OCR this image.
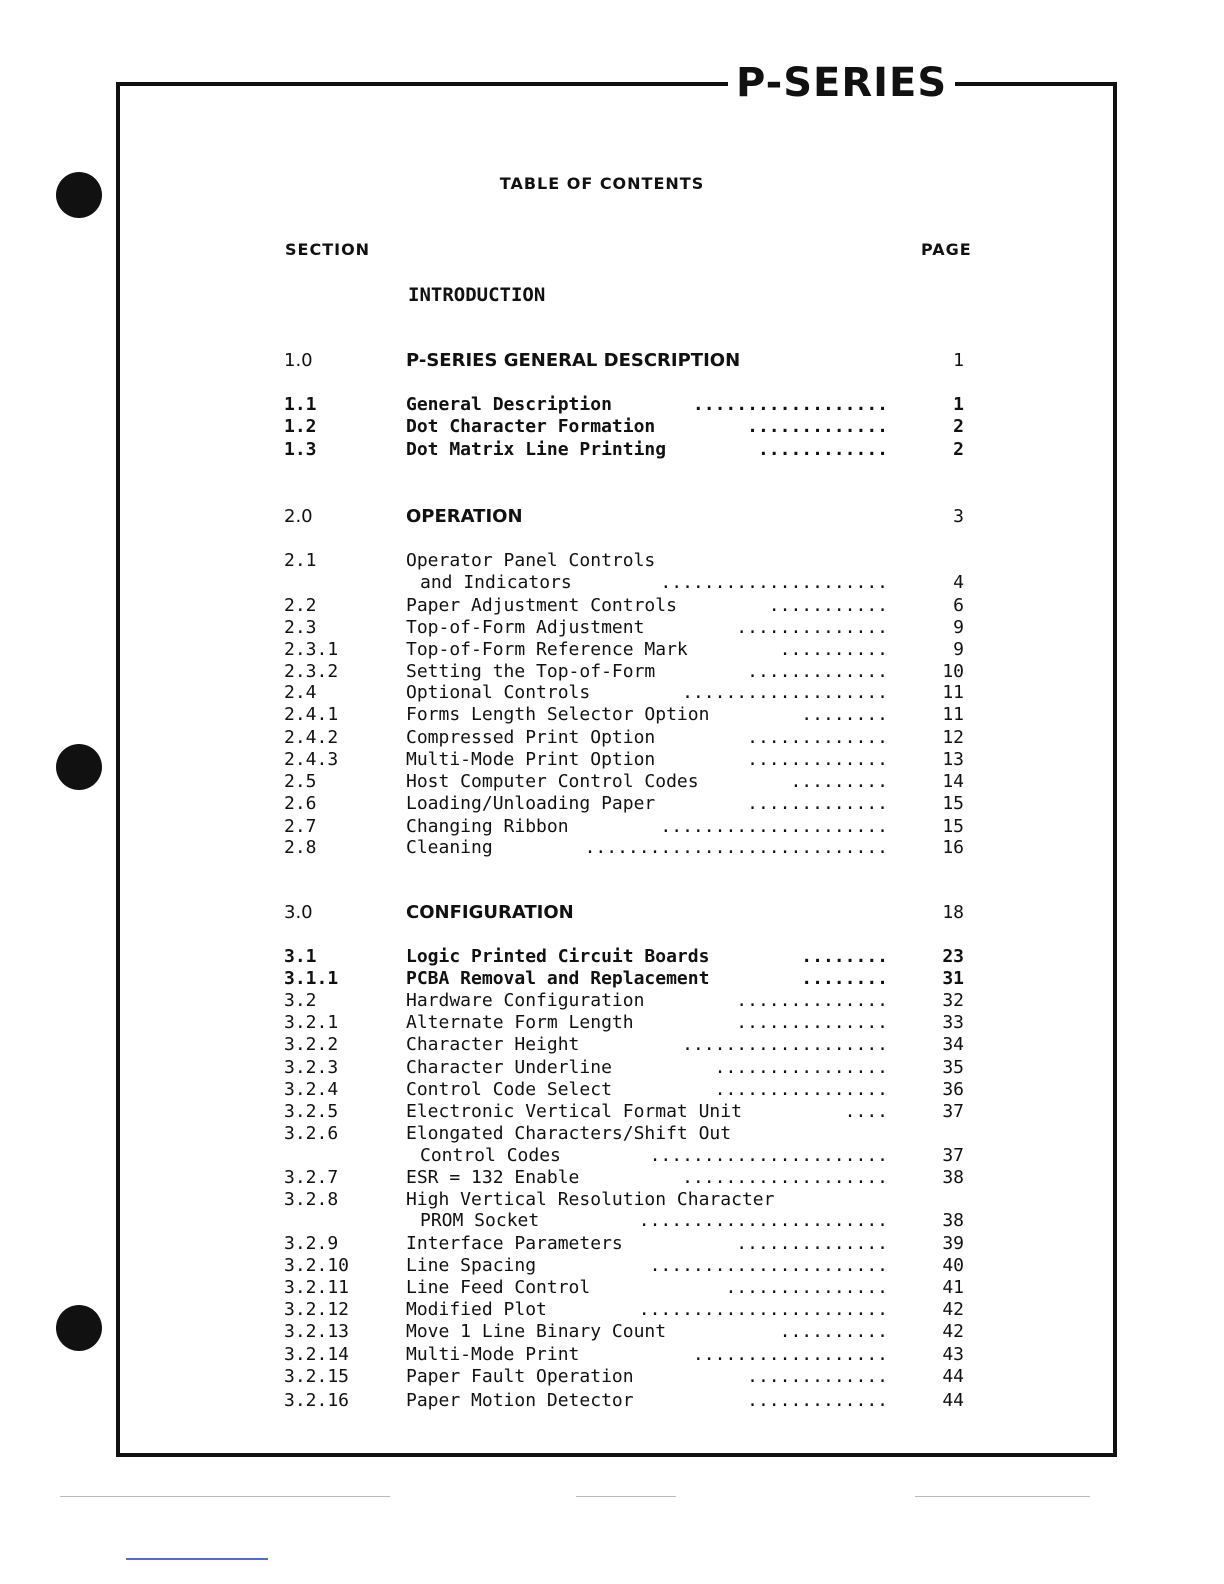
P-SERIES
TABLE OF CONTENTS
SECTION	PAGE
INTRODUCTION
1.0	P-SERIES GENERAL DESCRIPTION	1
1.1	General Description	..................	1
1.2	Dot Character Formation	.............	2
1.3	Dot Matrix Line Printing	............	2
2.0	OPERATION	3
2.1	Operator Panel Controls
and Indicators	.....................	4
2.2	Paper Adjustment Controls	...........	6
2.3	Top-of-Form Adjustment	..............	9
2.3.1	Top-of-Form Reference Mark	..........	9
2.3.2	Setting the Top-of-Form	.............	10
2.4	Optional Controls	...................	11
2.4.1	Forms Length Selector Option	........	11
2.4.2	Compressed Print Option	.............	12
2.4.3	Multi-Mode Print Option	.............	13
2.5	Host Computer Control Codes	.........	14
2.6	Loading/Unloading Paper	.............	15
2.7	Changing Ribbon	.....................	15
2.8	Cleaning	............................	16
3.0	CONFIGURATION	18
3.1	Logic Printed Circuit Boards	........	23
3.1.1	PCBA Removal and Replacement	........	31
3.2	Hardware Configuration	..............	32
3.2.1	Alternate Form Length	..............	33
3.2.2	Character Height	...................	34
3.2.3	Character Underline	................	35
3.2.4	Control Code Select	................	36
3.2.5	Electronic Vertical Format Unit	....	37
3.2.6	Elongated Characters/Shift Out
Control Codes	......................	37
3.2.7	ESR = 132 Enable	...................	38
3.2.8	High Vertical Resolution Character
PROM Socket	.......................	38
3.2.9	Interface Parameters	..............	39
3.2.10	Line Spacing	......................	40
3.2.11	Line Feed Control	...............	41
3.2.12	Modified Plot	.......................	42
3.2.13	Move 1 Line Binary Count	..........	42
3.2.14	Multi-Mode Print	..................	43
3.2.15	Paper Fault Operation	.............	44
3.2.16	Paper Motion Detector	.............	44
